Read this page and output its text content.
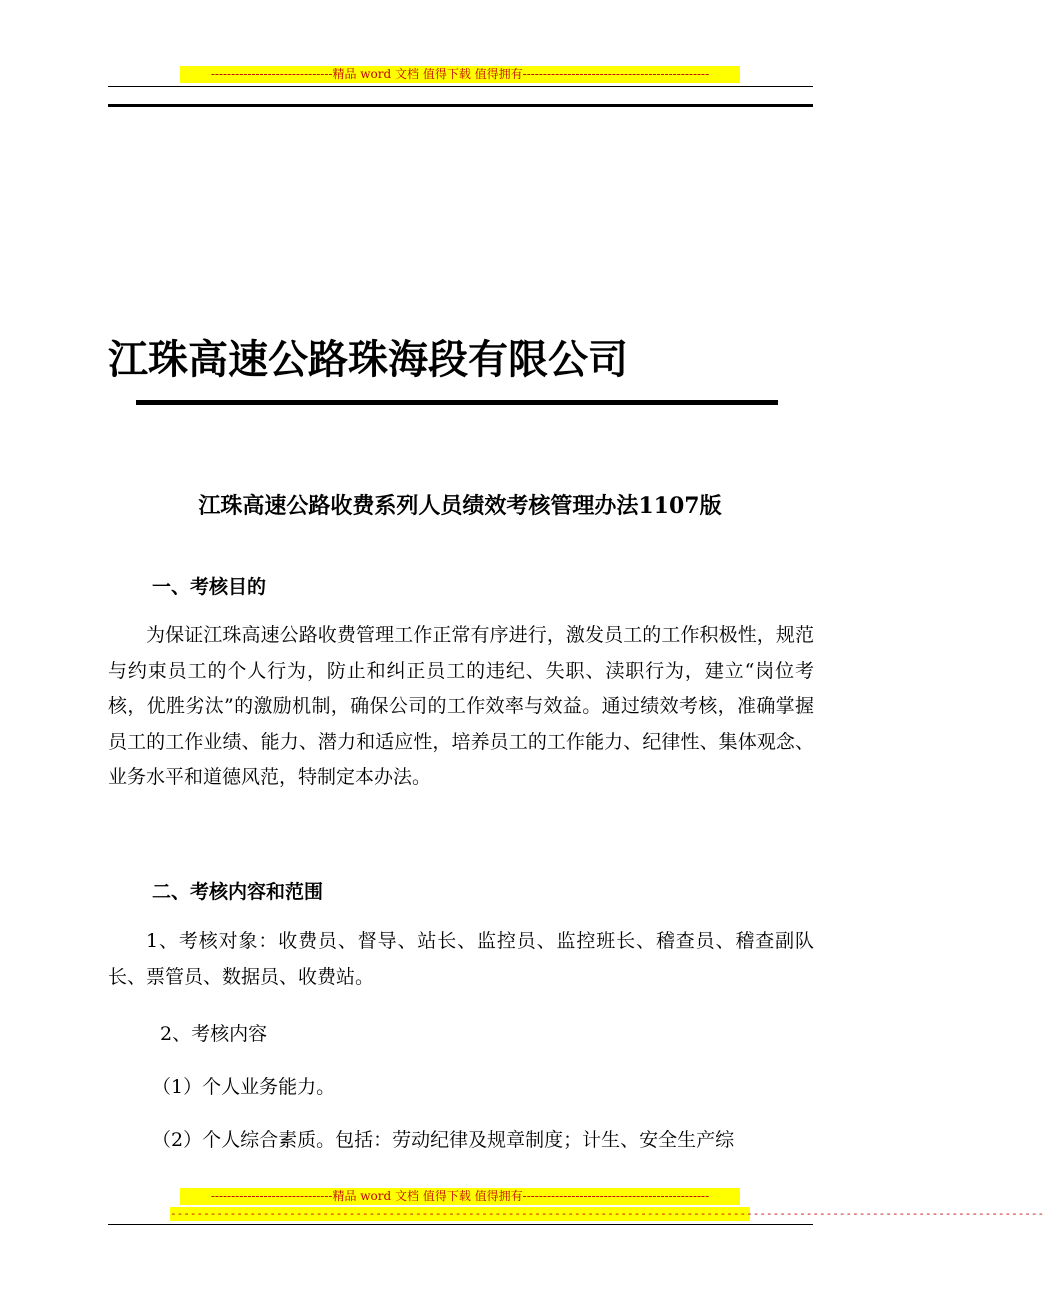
------------------------------精品 word 文档 值得下载 值得拥有----------------------------------------------
江珠高速公路珠海段有限公司
江珠高速公路收费系列人员绩效考核管理办法1107版
一、考核目的
为保证江珠高速公路收费管理工作正常有序进行，激发员工的工作积极性，规范与约束员工的个人行为，防止和纠正员工的违纪、失职、渎职行为，建立“岗位考核，优胜劣汰”的激励机制，确保公司的工作效率与效益。通过绩效考核，准确掌握员工的工作业绩、能力、潜力和适应性，培养员工的工作能力、纪律性、集体观念、业务水平和道德风范，特制定本办法。
二、考核内容和范围
1、考核对象：收费员、督导、站长、监控员、监控班长、稽查员、稽查副队长、票管员、数据员、收费站。
2、考核内容
（1）个人业务能力。
（2）个人综合素质。包括：劳动纪律及规章制度；计生、安全生产综
------------------------------精品 word 文档 值得下载 值得拥有----------------------------------------------
------------------------------------------------------------------------------------------------------------------------------------
